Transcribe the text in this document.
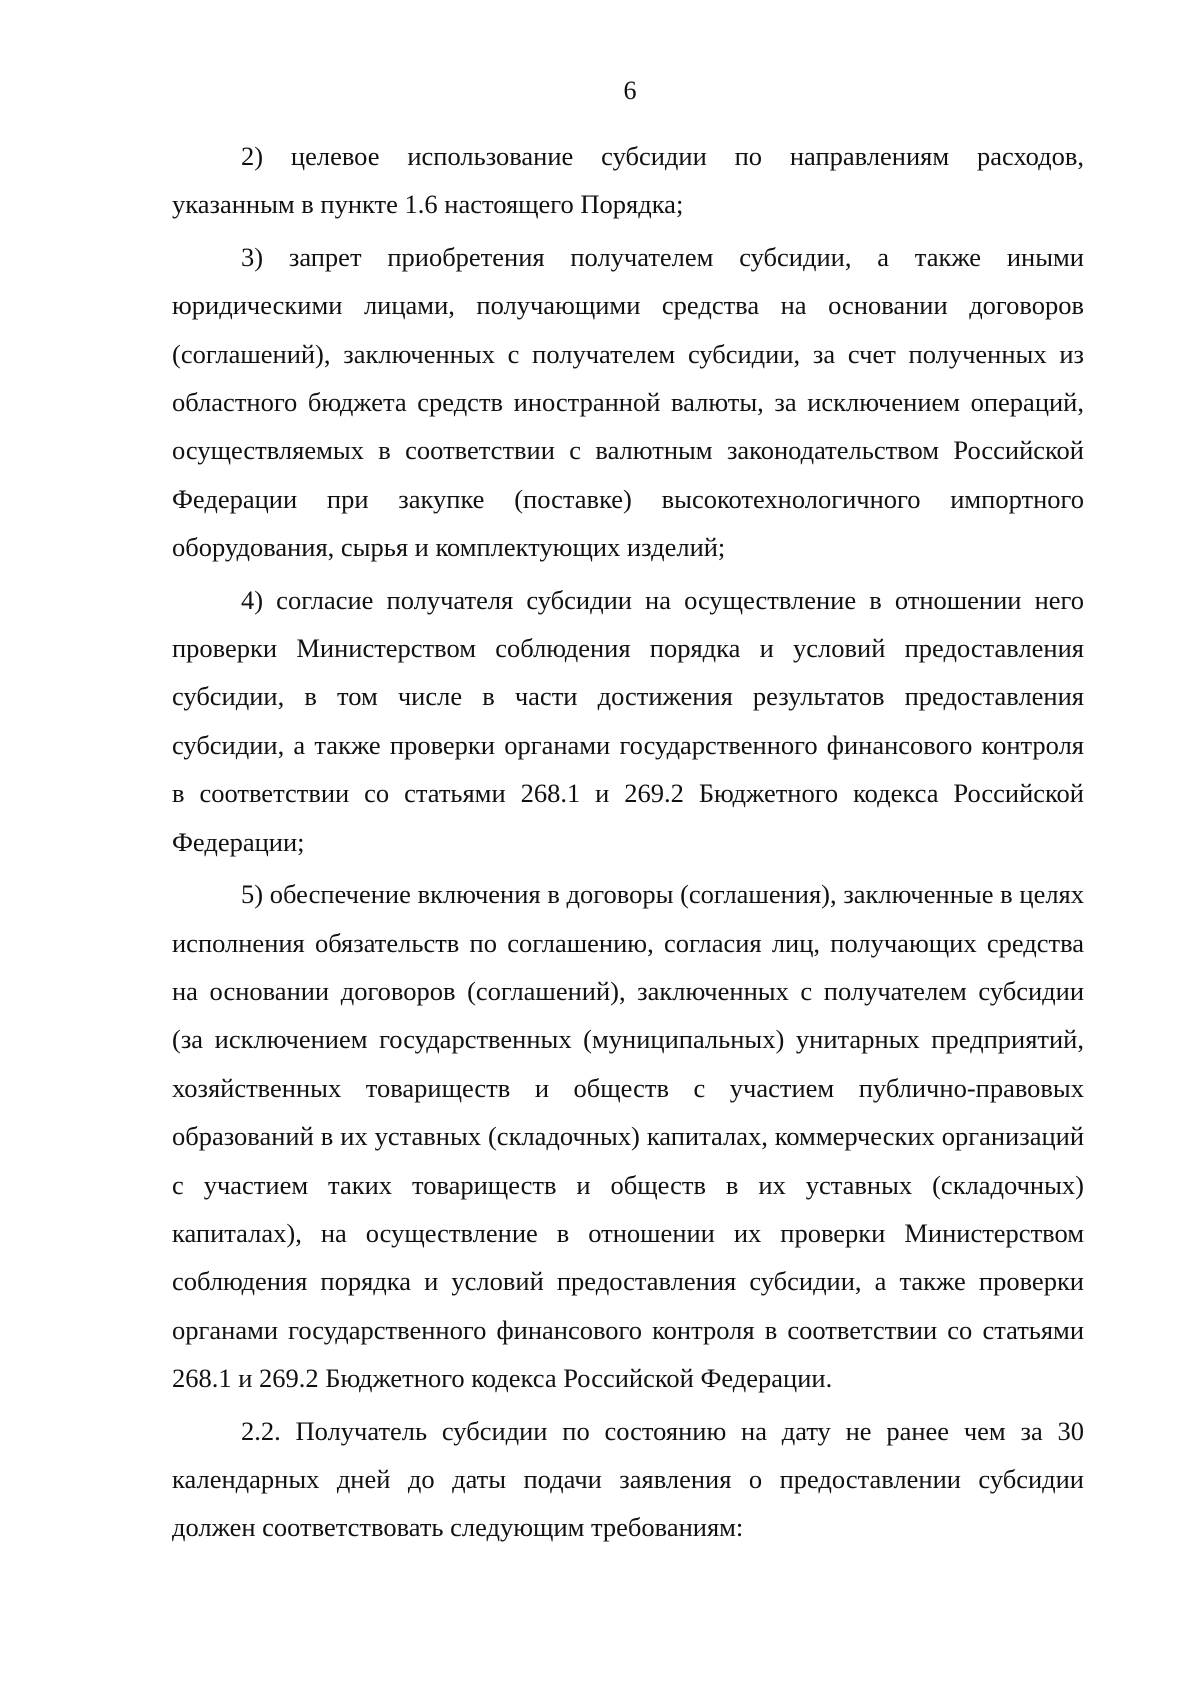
6

2) целевое использование субсидии по направлениям расходов, указанным в пункте 1.6 настоящего Порядка;

3) запрет приобретения получателем субсидии, а также иными юридическими лицами, получающими средства на основании договоров (соглашений), заключенных с получателем субсидии, за счет полученных из областного бюджета средств иностранной валюты, за исключением операций, осуществляемых в соответствии с валютным законодательством Российской Федерации при закупке (поставке) высокотехнологичного импортного оборудования, сырья и комплектующих изделий;

4) согласие получателя субсидии на осуществление в отношении него проверки Министерством соблюдения порядка и условий предоставления субсидии, в том числе в части достижения результатов предоставления субсидии, а также проверки органами государственного финансового контроля в соответствии со статьями 268.1 и 269.2 Бюджетного кодекса Российской Федерации;

5) обеспечение включения в договоры (соглашения), заключенные в целях исполнения обязательств по соглашению, согласия лиц, получающих средства на основании договоров (соглашений), заключенных с получателем субсидии (за исключением государственных (муниципальных) унитарных предприятий, хозяйственных товариществ и обществ с участием публично-правовых образований в их уставных (складочных) капиталах, коммерческих организаций с участием таких товариществ и обществ в их уставных (складочных) капиталах), на осуществление в отношении их проверки Министерством соблюдения порядка и условий предоставления субсидии, а также проверки органами государственного финансового контроля в соответствии со статьями 268.1 и 269.2 Бюджетного кодекса Российской Федерации.

2.2. Получатель субсидии по состоянию на дату не ранее чем за 30 календарных дней до даты подачи заявления о предоставлении субсидии должен соответствовать следующим требованиям:
